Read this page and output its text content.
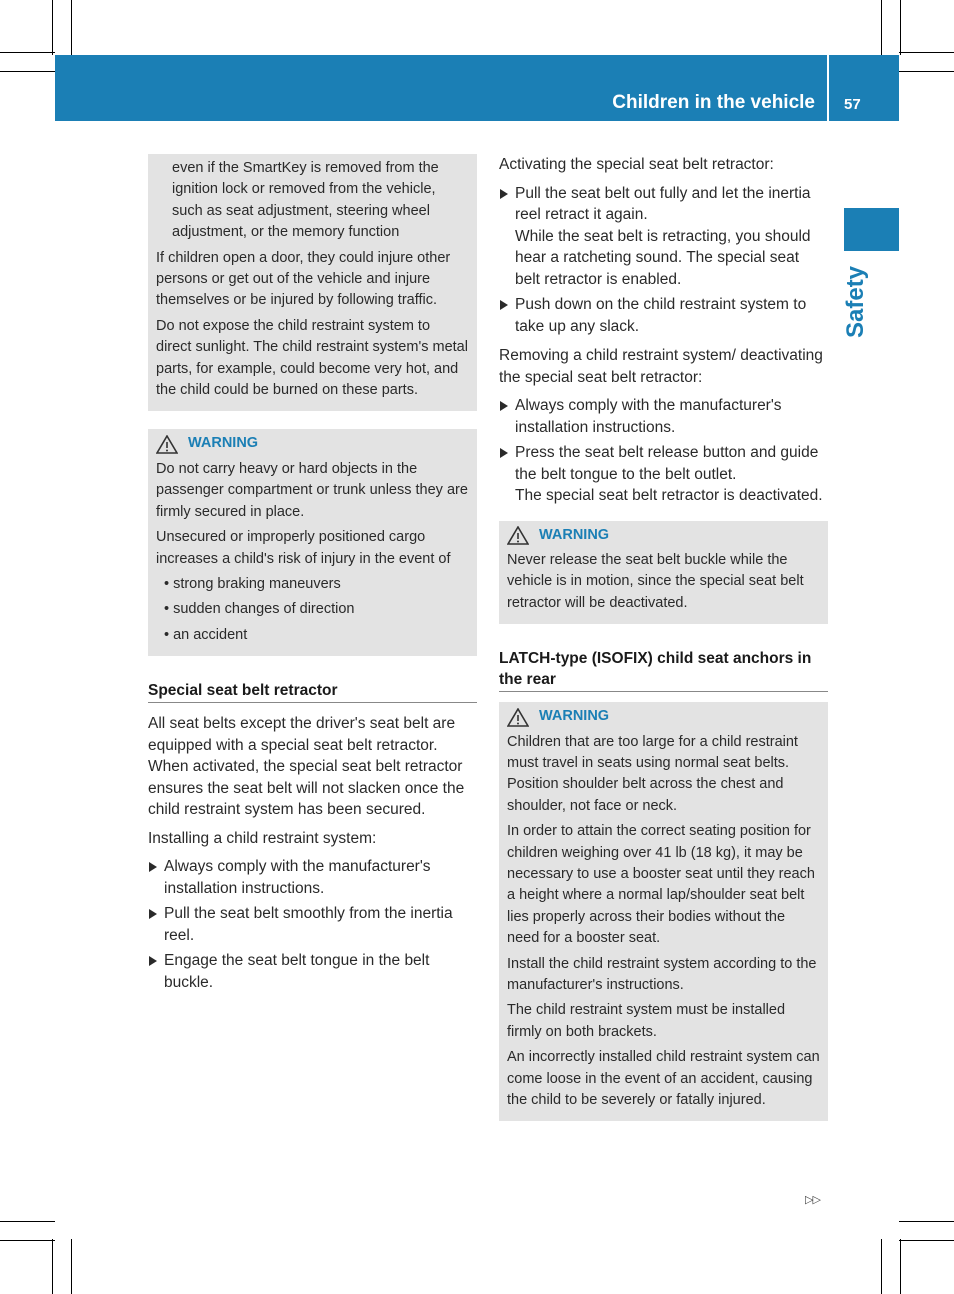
Children in the vehicle 57
Safety

even if the SmartKey is removed from the ignition lock or removed from the vehicle, such as seat adjustment, steering wheel adjustment, or the memory function

If children open a door, they could injure other persons or get out of the vehicle and injure themselves or be injured by following traffic.

Do not expose the child restraint system to direct sunlight. The child restraint system's metal parts, for example, could become very hot, and the child could be burned on these parts.

WARNING

Do not carry heavy or hard objects in the passenger compartment or trunk unless they are firmly secured in place.

Unsecured or improperly positioned cargo increases a child's risk of injury in the event of

• strong braking maneuvers
• sudden changes of direction
• an accident
Special seat belt retractor

All seat belts except the driver's seat belt are equipped with a special seat belt retractor. When activated, the special seat belt retractor ensures the seat belt will not slacken once the child restraint system has been secured.

Installing a child restraint system:

Always comply with the manufacturer's installation instructions.
Pull the seat belt smoothly from the inertia reel.
Engage the seat belt tongue in the belt buckle.

Activating the special seat belt retractor:

Pull the seat belt out fully and let the inertia reel retract it again.
While the seat belt is retracting, you should hear a ratcheting sound. The special seat belt retractor is enabled.
Push down on the child restraint system to take up any slack.

Removing a child restraint system/ deactivating the special seat belt retractor:

Always comply with the manufacturer's installation instructions.
Press the seat belt release button and guide the belt tongue to the belt outlet.
The special seat belt retractor is deactivated.
WARNING

Never release the seat belt buckle while the vehicle is in motion, since the special seat belt retractor will be deactivated.

LATCH-type (ISOFIX) child seat anchors in the rear
WARNING

Children that are too large for a child restraint must travel in seats using normal seat belts. Position shoulder belt across the chest and shoulder, not face or neck.

In order to attain the correct seating position for children weighing over 41 lb (18 kg), it may be necessary to use a booster seat until they reach a height where a normal lap/shoulder seat belt lies properly across their bodies without the need for a booster seat.

Install the child restraint system according to the manufacturer's instructions.

The child restraint system must be installed firmly on both brackets.

An incorrectly installed child restraint system can come loose in the event of an accident, causing the child to be severely or fatally injured.

▷▷
